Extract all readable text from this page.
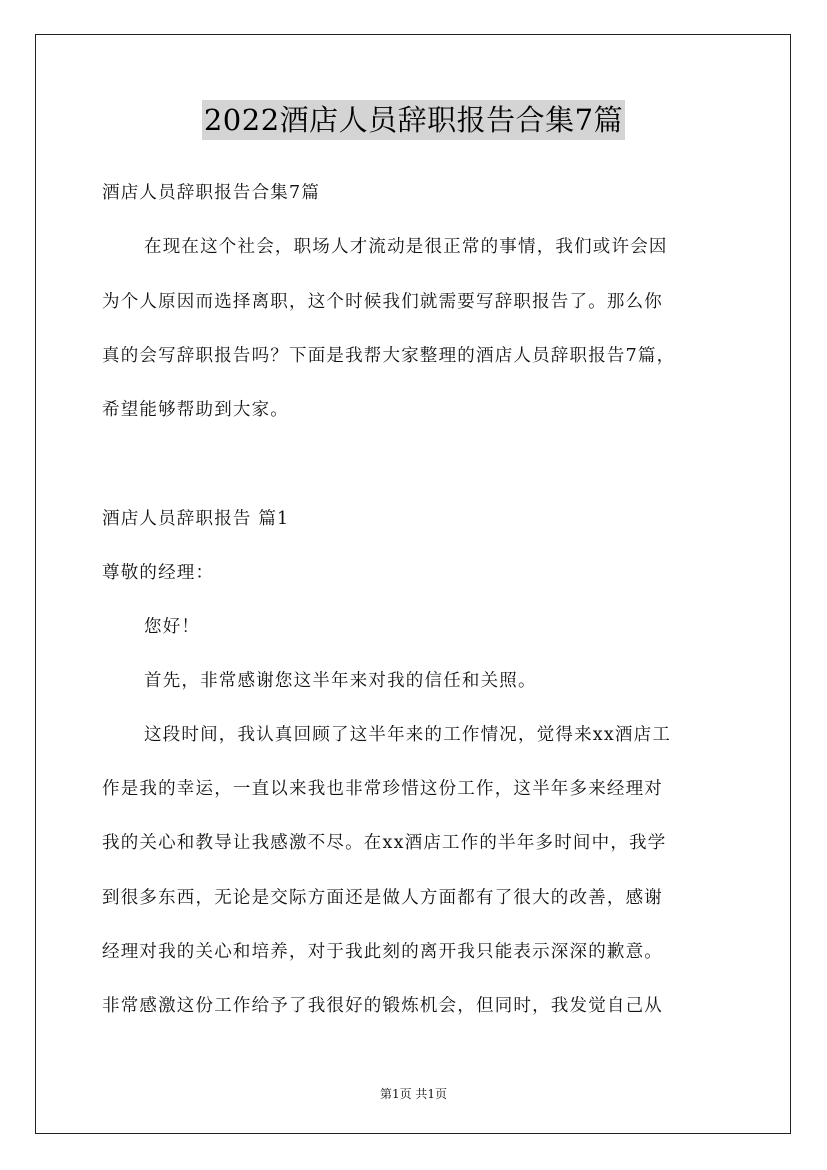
2022酒店人员辞职报告合集7篇
酒店人员辞职报告合集7篇
在现在这个社会，职场人才流动是很正常的事情，我们或许会因
为个人原因而选择离职，这个时候我们就需要写辞职报告了。那么你
真的会写辞职报告吗？下面是我帮大家整理的酒店人员辞职报告7篇，
希望能够帮助到大家。
酒店人员辞职报告 篇1
尊敬的经理：
您好！
首先，非常感谢您这半年来对我的信任和关照。
这段时间，我认真回顾了这半年来的工作情况，觉得来xx酒店工
作是我的幸运，一直以来我也非常珍惜这份工作，这半年多来经理对
我的关心和教导让我感激不尽。在xx酒店工作的半年多时间中，我学
到很多东西，无论是交际方面还是做人方面都有了很大的改善，感谢
经理对我的关心和培养，对于我此刻的离开我只能表示深深的歉意。
非常感激这份工作给予了我很好的锻炼机会，但同时，我发觉自己从
第1页 共1页
